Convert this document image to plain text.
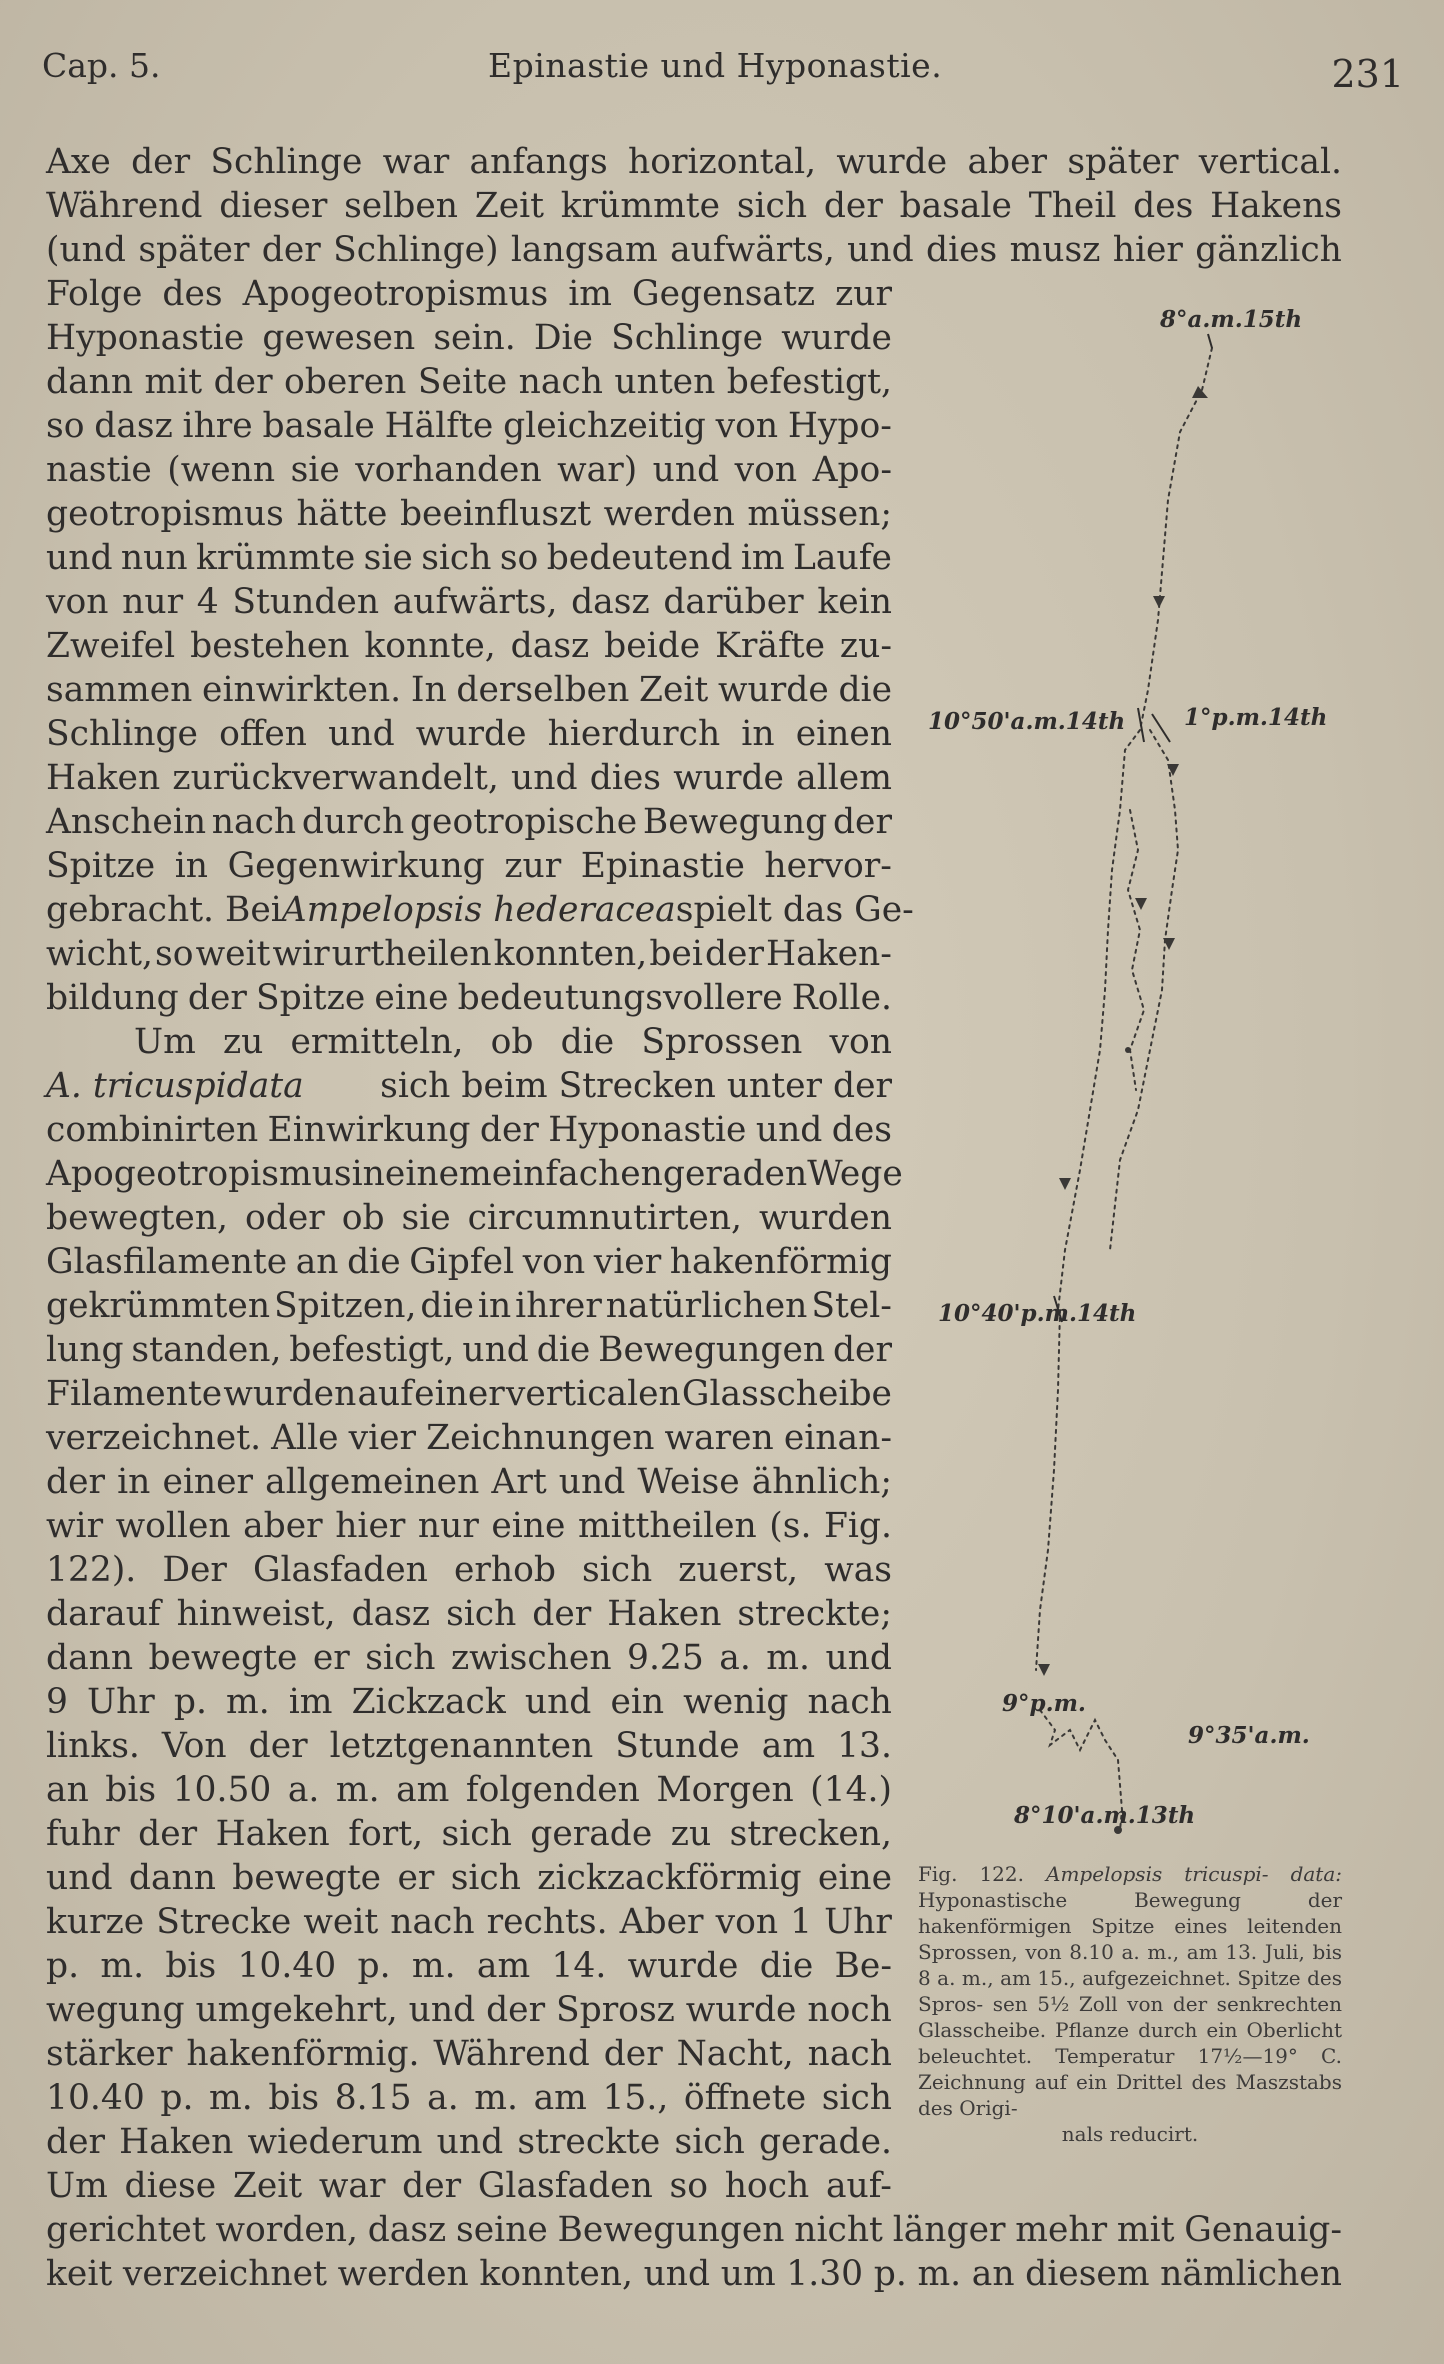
Cap. 5.	Epinastie und Hyponastie.	231
Axe der Schlinge war anfangs horizontal, wurde aber später vertical.
Während dieser selben Zeit krümmte sich der basale Theil des Hakens
(und später der Schlinge) langsam aufwärts, und dies musz hier gänzlich
Folge des Apogeotropismus im Gegensatz zur
Hyponastie gewesen sein. Die Schlinge wurde
dann mit der oberen Seite nach unten befestigt,
so dasz ihre basale Hälfte gleichzeitig von Hypo-
nastie (wenn sie vorhanden war) und von Apo-
geotropismus hätte beeinfluszt werden müssen;
und nun krümmte sie sich so bedeutend im Laufe
von nur 4 Stunden aufwärts, dasz darüber kein
Zweifel bestehen konnte, dasz beide Kräfte zu-
sammen einwirkten. In derselben Zeit wurde die
Schlinge offen und wurde hierdurch in einen
Haken zurückverwandelt, und dies wurde allem
Anschein nach durch geotropische Bewegung der
Spitze in Gegenwirkung zur Epinastie hervor-
gebracht. Bei Ampelopsis hederacea spielt das Ge-
wicht, so weit wir urtheilen konnten, bei der Haken-
bildung der Spitze eine bedeutungsvollere Rolle.
Um zu ermitteln, ob die Sprossen von
A. tricuspidata sich beim Strecken unter der
combinirten Einwirkung der Hyponastie und des
Apogeotropismus in einem einfachen geraden Wege
bewegten, oder ob sie circumnutirten, wurden
Glasfilamente an die Gipfel von vier hakenförmig
gekrümmten Spitzen, die in ihrer natürlichen Stel-
lung standen, befestigt, und die Bewegungen der
Filamente wurden auf einer verticalen Glasscheibe
verzeichnet. Alle vier Zeichnungen waren einan-
der in einer allgemeinen Art und Weise ähnlich;
wir wollen aber hier nur eine mittheilen (s. Fig.
122). Der Glasfaden erhob sich zuerst, was
darauf hinweist, dasz sich der Haken streckte;
dann bewegte er sich zwischen 9.25 a. m. und
9 Uhr p. m. im Zickzack und ein wenig nach
links. Von der letztgenannten Stunde am 13.
an bis 10.50 a. m. am folgenden Morgen (14.)
fuhr der Haken fort, sich gerade zu strecken,
und dann bewegte er sich zickzackförmig eine
kurze Strecke weit nach rechts. Aber von 1 Uhr
p. m. bis 10.40 p. m. am 14. wurde die Be-
wegung umgekehrt, und der Sprosz wurde noch
stärker hakenförmig. Während der Nacht, nach
10.40 p. m. bis 8.15 a. m. am 15., öffnete sich
der Haken wiederum und streckte sich gerade.
Um diese Zeit war der Glasfaden so hoch auf-
gerichtet worden, dasz seine Bewegungen nicht länger mehr mit Genauig-
keit verzeichnet werden konnten, und um 1.30 p. m. an diesem nämlichen
8°a.m.15th
10°50'a.m.14th	1°p.m.14th
10°40'p.m.14th
9°p.m.
9°35'a.m.
8°10'a.m.13th
Fig. 122. Ampelopsis tricuspi- data: Hyponastische Bewegung	der hakenförmigen Spitze eines leitenden Sprossen, von 8.10 a. m., am 13. Juli, bis 8 a. m., am 15., aufgezeichnet. Spitze des Spros- sen 5½ Zoll von der senkrechten Glasscheibe. Pflanze durch ein Oberlicht beleuchtet. Temperatur 17½—19° C. Zeichnung auf ein Drittel des Maszstabs des Origi-
nals reducirt.
